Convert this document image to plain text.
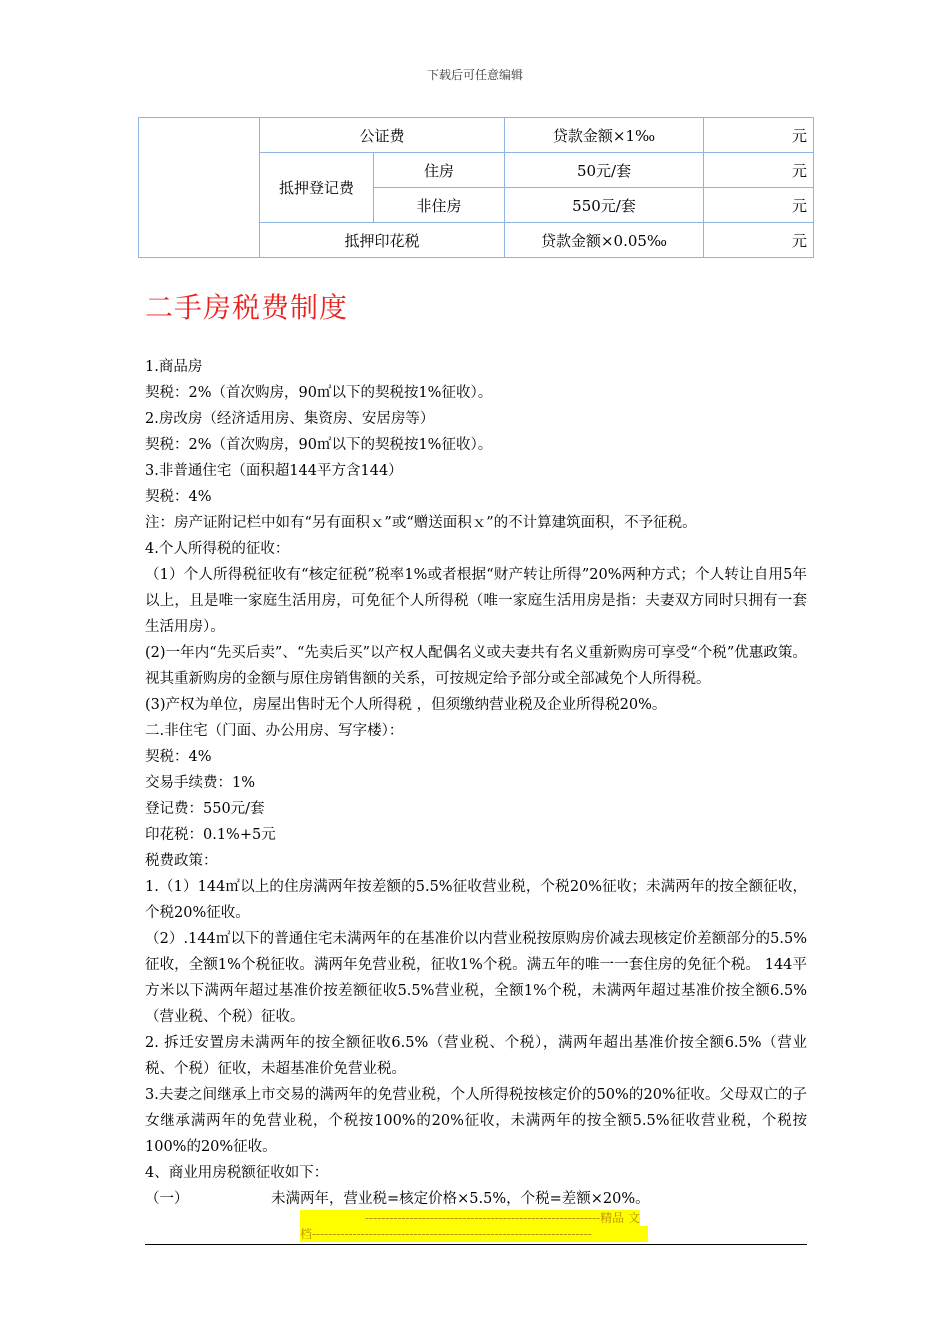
下载后可任意编辑
	公证费		贷款金额×1‰	元
	抵押登记费	住房	50元/套	元
		非住房	550元/套	元
	抵押印花税		贷款金额×0.05‰	元
二手房税费制度

1.商品房

契税：2%（首次购房，90㎡以下的契税按1%征收）。

2.房改房（经济适用房、集资房、安居房等）

契税：2%（首次购房，90㎡以下的契税按1%征收）。

3.非普通住宅（面积超144平方含144）

契税：4%

注：房产证附记栏中如有“另有面积ｘ”或“赠送面积ｘ”的不计算建筑面积，不予征税。

4.个人所得税的征收：

（1）个人所得税征收有“核定征税”税率1%或者根据“财产转让所得”20%两种方式；个人转让自用5年以上，且是唯一家庭生活用房，可免征个人所得税（唯一家庭生活用房是指：夫妻双方同时只拥有一套生活用房）。

(2)一年内“先买后卖”、“先卖后买”以产权人配偶名义或夫妻共有名义重新购房可享受“个税”优惠政策。视其重新购房的金额与原住房销售额的关系，可按规定给予部分或全部减免个人所得税。

(3)产权为单位，房屋出售时无个人所得税 ，但须缴纳营业税及企业所得税20%。

二.非住宅（门面、办公用房、写字楼）：

契税：4%

交易手续费：1%

登记费：550元/套

印花税：0.1%+5元

税费政策：

1.（1）144㎡以上的住房满两年按差额的5.5%征收营业税，个税20%征收；未满两年的按全额征收，个税20%征收。

（2）.144㎡以下的普通住宅未满两年的在基准价以内营业税按原购房价减去现核定价差额部分的5.5%征收，全额1%个税征收。满两年免营业税，征收1%个税。满五年的唯一一套住房的免征个税。 144平方米以下满两年超过基准价按差额征收5.5%营业税，全额1%个税，未满两年超过基准价按全额6.5%（营业税、个税）征收。

2. 拆迁安置房未满两年的按全额征收6.5%（营业税、个税），满两年超出基准价按全额6.5%（营业税、个税）征收，未超基准价免营业税。

3.夫妻之间继承上市交易的满两年的免营业税，个人所得税按核定价的50%的20%征收。父母双亡的子女继承满两年的免营业税，个税按100%的20%征收，未满两年的按全额5.5%征收营业税，个税按100%的20%征收。

4、商业用房税额征收如下：

（一）	未满两年，营业税=核定价格×5.5%，个税=差额×20%。

----------------------------------------------------------精品 文
档---------------------------------------------------------------------
